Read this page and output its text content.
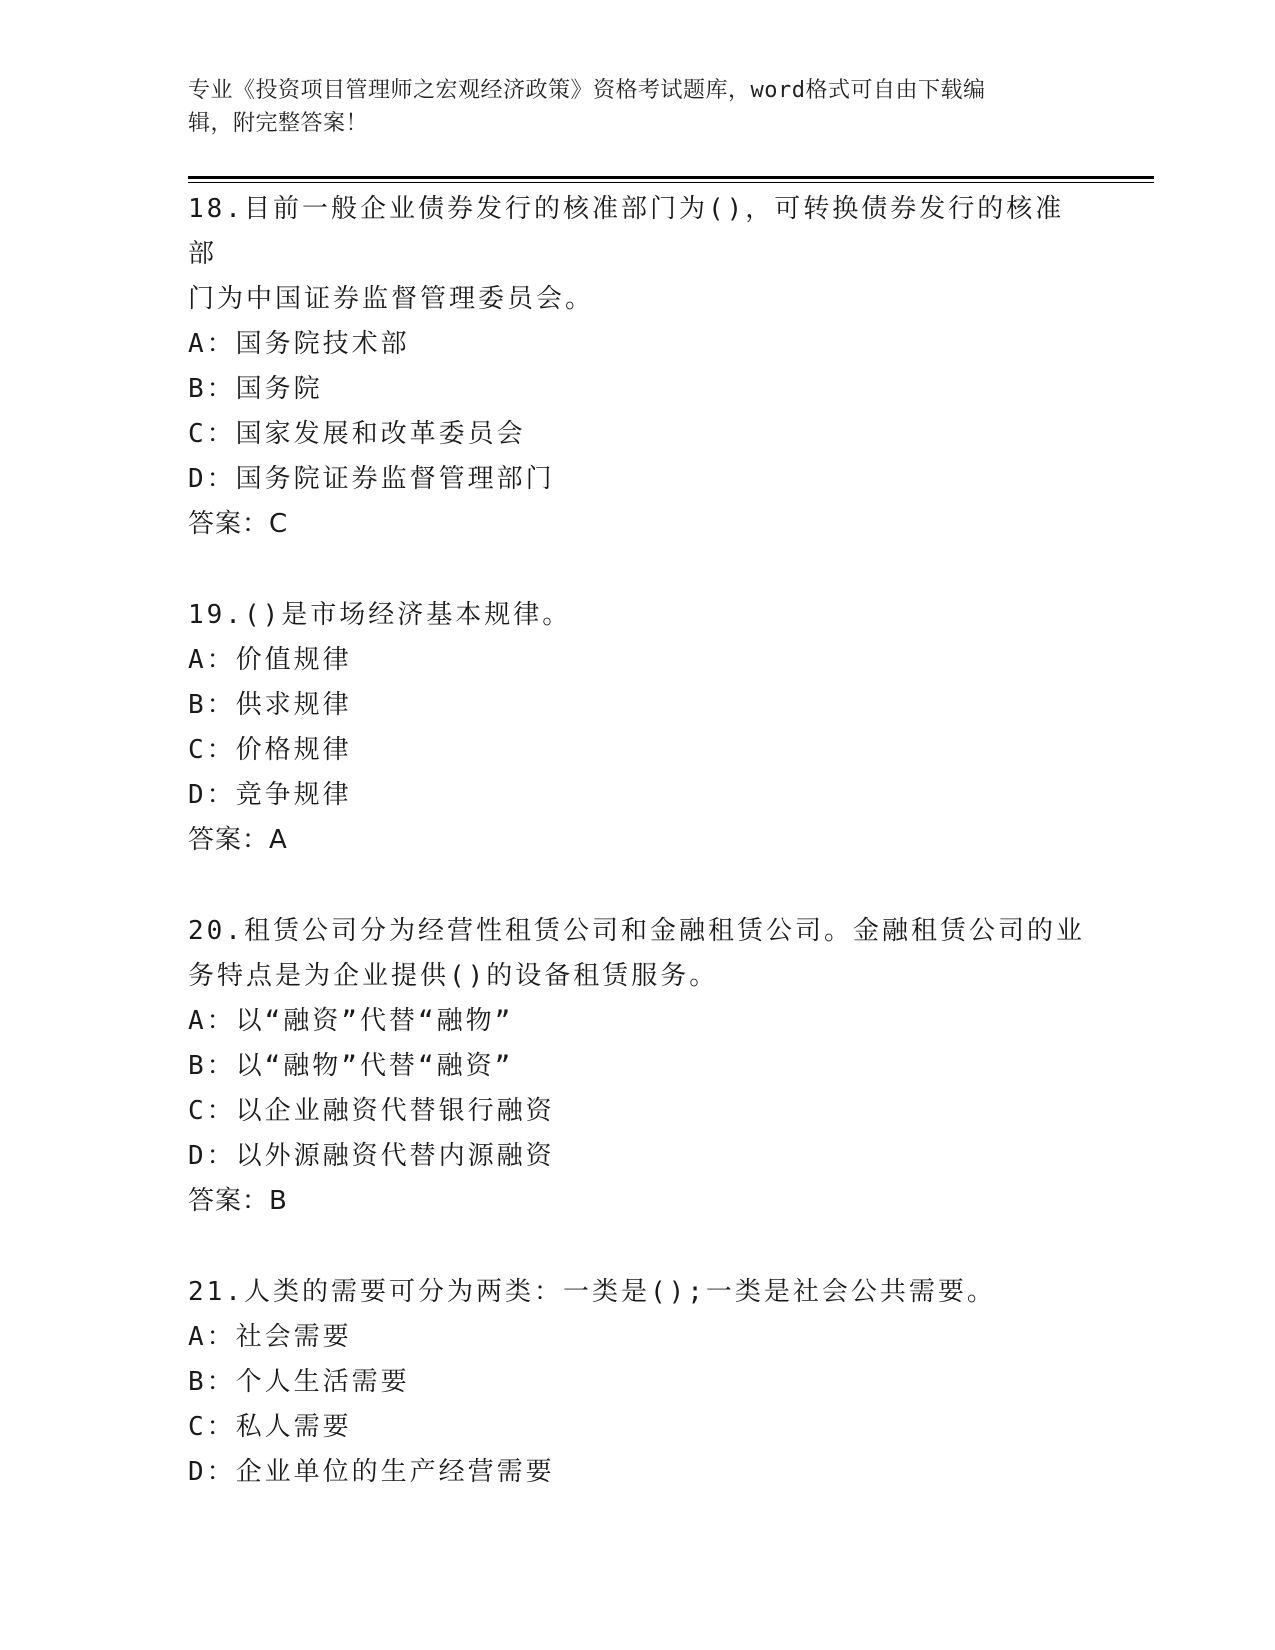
专业《投资项目管理师之宏观经济政策》资格考试题库，word格式可自由下载编
辑，附完整答案！
18.目前一般企业债券发行的核准部门为()，可转换债券发行的核准部
门为中国证券监督管理委员会。
A：国务院技术部
B：国务院
C：国家发展和改革委员会
D：国务院证券监督管理部门
答案：C
19.()是市场经济基本规律。
A：价值规律
B：供求规律
C：价格规律
D：竞争规律
答案：A
20.租赁公司分为经营性租赁公司和金融租赁公司。金融租赁公司的业
务特点是为企业提供()的设备租赁服务。
A：以“融资”代替“融物”
B：以“融物”代替“融资”
C：以企业融资代替银行融资
D：以外源融资代替内源融资
答案：B
21.人类的需要可分为两类：一类是();一类是社会公共需要。
A：社会需要
B：个人生活需要
C：私人需要
D：企业单位的生产经营需要
